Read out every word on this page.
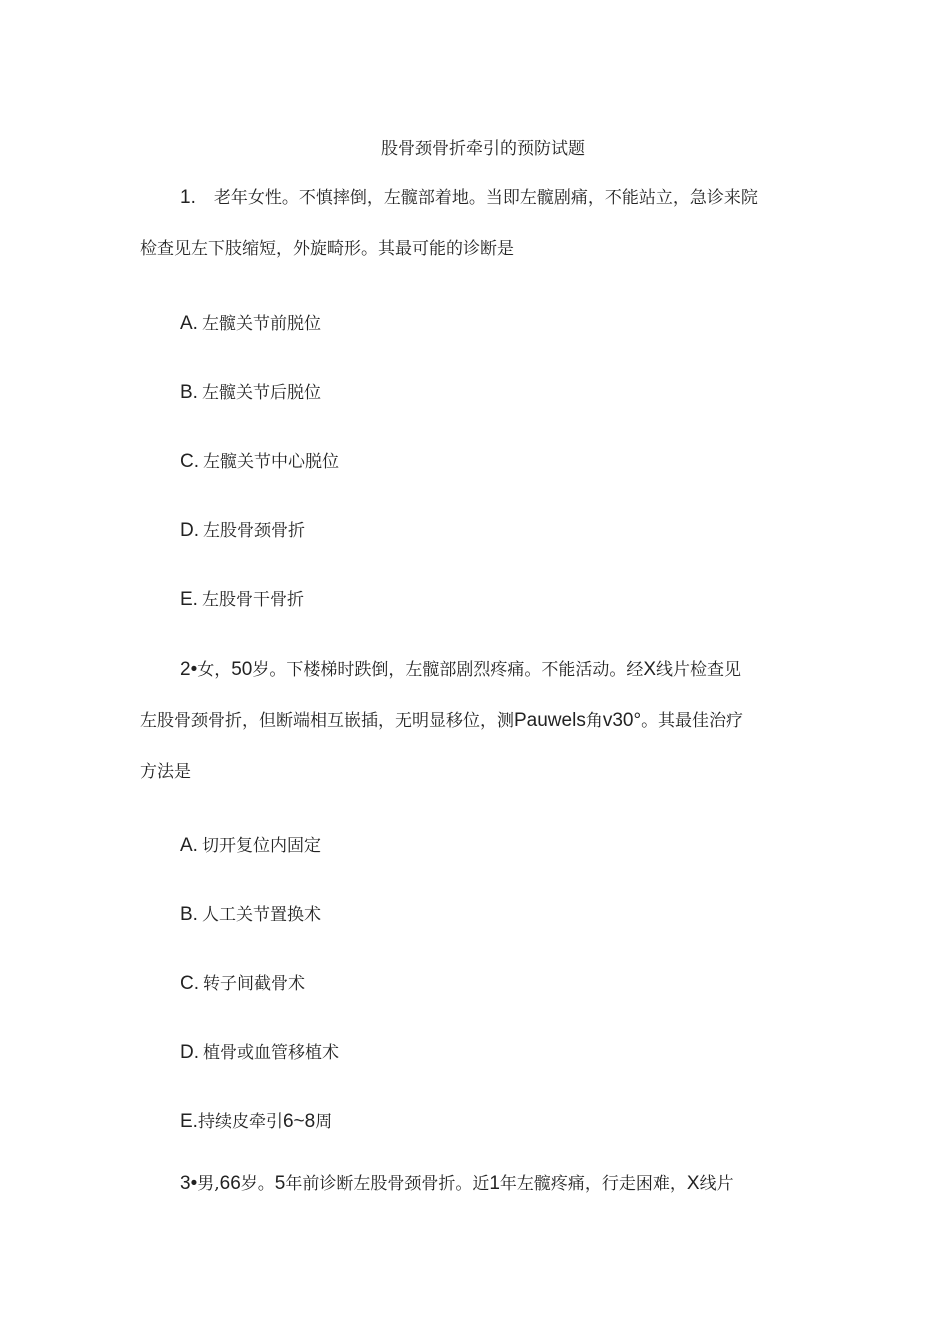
股骨颈骨折牵引的预防试题
1. 老年女性。不慎摔倒，左髋部着地。当即左髋剧痛，不能站立，急诊来院
检查见左下肢缩短，外旋畸形。其最可能的诊断是
A. 左髋关节前脱位
B. 左髋关节后脱位
C. 左髋关节中心脱位
D. 左股骨颈骨折
E. 左股骨干骨折
2•女，50岁。下楼梯时跌倒，左髋部剧烈疼痛。不能活动。经X线片检查见
左股骨颈骨折，但断端相互嵌插，无明显移位，测Pauwels角v30°。其最佳治疗
方法是
A. 切开复位内固定
B. 人工关节置换术
C. 转子间截骨术
D. 植骨或血管移植术
E.持续皮牵引6~8周
3•男,66岁。5年前诊断左股骨颈骨折。近1年左髋疼痛，行走困难，X线片
